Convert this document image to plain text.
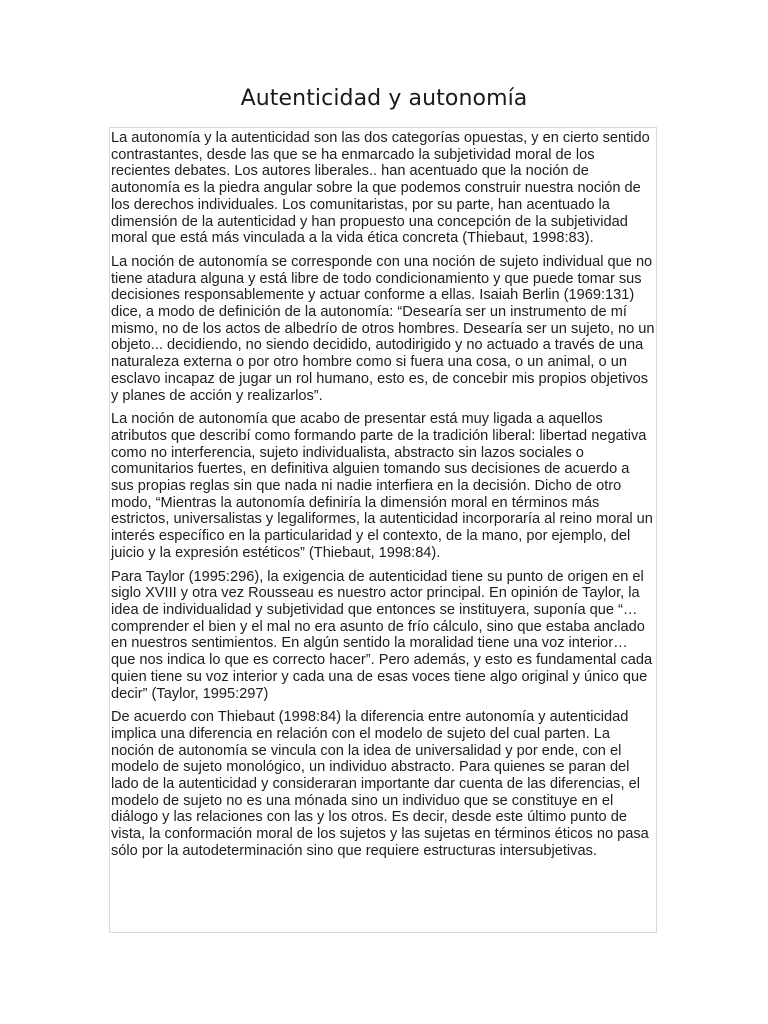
Autenticidad y autonomía

La autonomía y la autenticidad son las dos categorías opuestas, y en cierto sentido contrastantes, desde las que se ha enmarcado la subjetividad moral de los recientes debates. Los autores liberales.. han acentuado que la noción de autonomía es la piedra angular sobre la que podemos construir nuestra noción de los derechos individuales. Los comunitaristas, por su parte, han acentuado la dimensión de la autenticidad y han propuesto una concepción de la subjetividad moral que está más vinculada a la vida ética concreta (Thiebaut, 1998:83).

La noción de autonomía se corresponde con una noción de sujeto individual que no tiene atadura alguna y está libre de todo condicionamiento y que puede tomar sus decisiones responsablemente y actuar conforme a ellas. Isaiah Berlin (1969:131) dice, a modo de definición de la autonomía: “Desearía ser un instrumento de mí mismo, no de los actos de albedrío de otros hombres. Desearía ser un sujeto, no un objeto... decidiendo, no siendo decidido, autodirigido y no actuado a través de una naturaleza externa o por otro hombre como si fuera una cosa, o un animal, o un esclavo incapaz de jugar un rol humano, esto es, de concebir mis propios objetivos y planes de acción y realizarlos”.

La noción de autonomía que acabo de presentar está muy ligada a aquellos atributos que describí como formando parte de la tradición liberal: libertad negativa como no interferencia, sujeto individualista, abstracto sin lazos sociales o comunitarios fuertes, en definitiva alguien tomando sus decisiones de acuerdo a sus propias reglas sin que nada ni nadie interfiera en la decisión. Dicho de otro modo, “Mientras la autonomía definiría la dimensión moral en términos más estrictos, universalistas y legaliformes, la autenticidad incorporaría al reino moral un interés específico en la particularidad y el contexto, de la mano, por ejemplo, del juicio y la expresión estéticos” (Thiebaut, 1998:84).

Para Taylor (1995:296), la exigencia de autenticidad tiene su punto de origen en el siglo XVIII y otra vez Rousseau es nuestro actor principal. En opinión de Taylor, la idea de individualidad y subjetividad que entonces se instituyera, suponía que “… comprender el bien y el mal no era asunto de frío cálculo, sino que estaba anclado en nuestros sentimientos. En algún sentido la moralidad tiene una voz interior… que nos indica lo que es correcto hacer”. Pero además, y esto es fundamental cada quien tiene su voz interior y cada una de esas voces tiene algo original y único que decir” (Taylor, 1995:297)

De acuerdo con Thiebaut (1998:84) la diferencia entre autonomía y autenticidad implica una diferencia en relación con el modelo de sujeto del cual parten. La noción de autonomía se vincula con la idea de universalidad y por ende, con el modelo de sujeto monológico, un individuo abstracto. Para quienes se paran del lado de la autenticidad y consideraran importante dar cuenta de las diferencias, el modelo de sujeto no es una mónada sino un individuo que se constituye en el diálogo y las relaciones con las y los otros. Es decir, desde este último punto de vista, la conformación moral de los sujetos y las sujetas en términos éticos no pasa sólo por la autodeterminación sino que requiere estructuras intersubjetivas.
